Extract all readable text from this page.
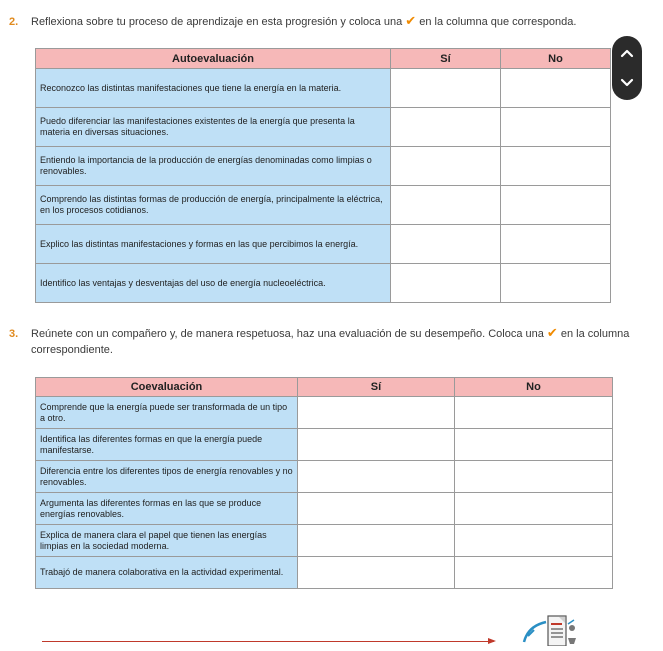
2. Reflexiona sobre tu proceso de aprendizaje en esta progresión y coloca una ✔ en la columna que corresponda.
Autoevaluación	Sí	No
Reconozco las distintas manifestaciones que tiene la energía en la materia.		
Puedo diferenciar las manifestaciones existentes de la energía que presenta la materia en diversas situaciones.		
Entiendo la importancia de la producción de energías denominadas como limpias o renovables.		
Comprendo las distintas formas de producción de energía, principalmente la eléctrica, en los procesos cotidianos.		
Explico las distintas manifestaciones y formas en las que percibimos la energía.		
Identifico las ventajas y desventajas del uso de energía nucleoeléctrica.		
3. Reúnete con un compañero y, de manera respetuosa, haz una evaluación de su desempeño. Coloca una ✔ en la columna
correspondiente.
Coevaluación	Sí	No
Comprende que la energía puede ser transformada de un tipo a otro.		
Identifica las diferentes formas en que la energía puede manifestarse.		
Diferencia entre los diferentes tipos de energía renovables y no renovables.		
Argumenta las diferentes formas en las que se produce energías renovables.		
Explica de manera clara el papel que tienen las energías limpias en la sociedad moderna.		
Trabajó de manera colaborativa en la actividad experimental.		
